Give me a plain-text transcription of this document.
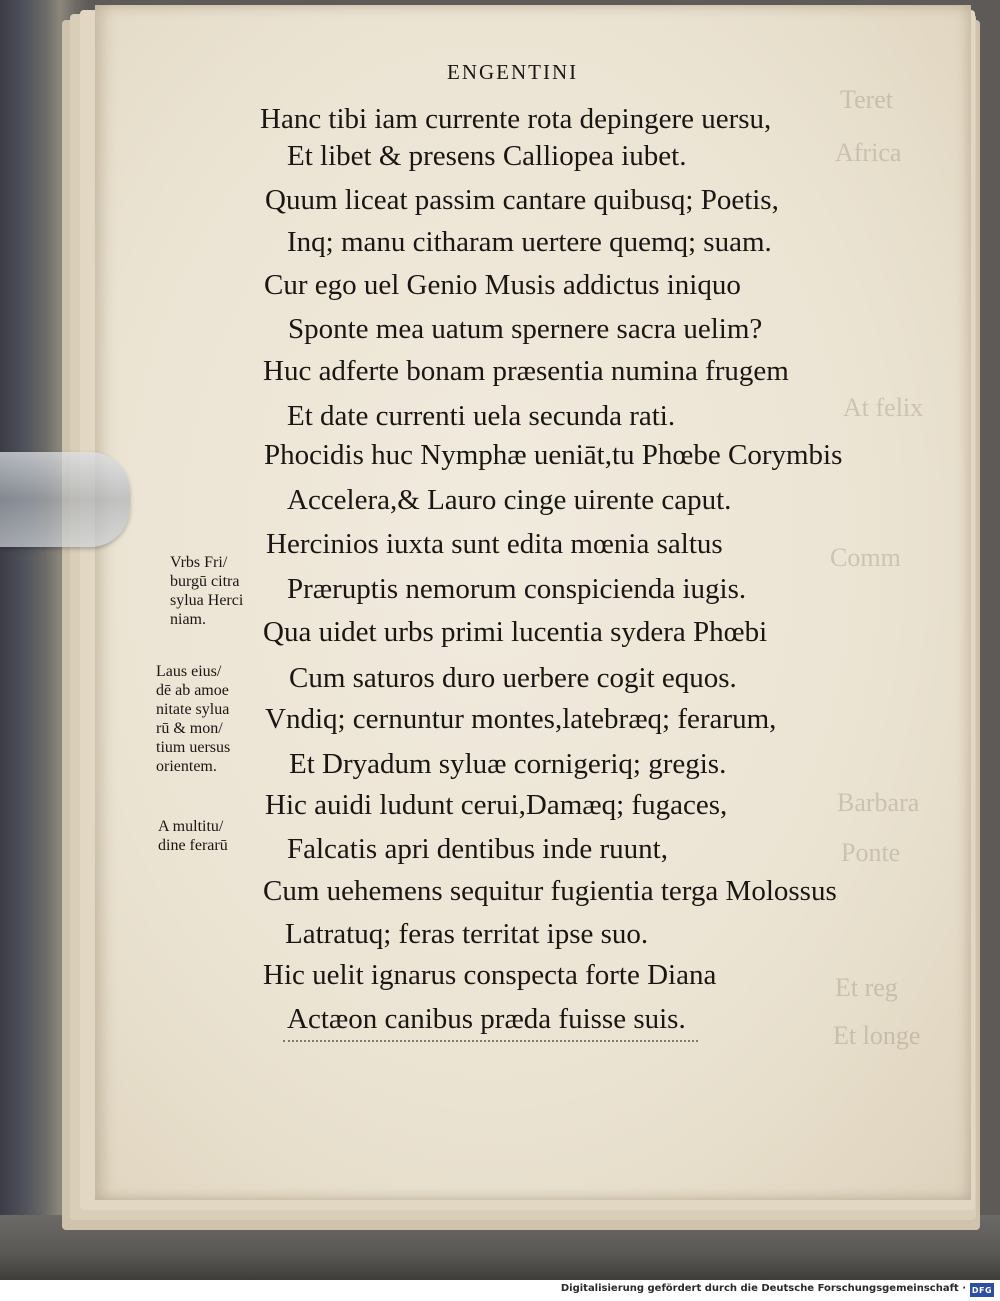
Teret
Africa
At felix
Comm
Barbara
Ponte
Et reg
Et longe
ENGENTINI

Hanc tibi iam currente rota depingere uersu,

Et libet & presens Calliopea iubet.

Quum liceat passim cantare quibusq; Poetis,

Inq; manu citharam uertere quemq; suam.

Cur ego uel Genio Musis addictus iniquo

Sponte mea uatum spernere sacra uelim?

Huc adferte bonam præsentia numina frugem

Et date currenti uela secunda rati.

Phocidis huc Nymphæ ueniāt,tu Phœbe Corymbis

Accelera,& Lauro cinge uirente caput.

Hercinios iuxta sunt edita mœnia saltus

Præruptis nemorum conspicienda iugis.

Qua uidet urbs primi lucentia sydera Phœbi

Cum saturos duro uerbere cogit equos.

Vndiq; cernuntur montes,latebræq; ferarum,

Et Dryadum syluæ cornigeriq; gregis.

Hic auidi ludunt cerui,Damæq; fugaces,

Falcatis apri dentibus inde ruunt,

Cum uehemens sequitur fugientia terga Molossus

Latratuq; feras territat ipse suo.

Hic uelit ignarus conspecta forte Diana

Actæon canibus præda fuisse suis.

Vrbs Fri/
burgū citra
sylua Herci
niam.
Laus eius/
dē ab amoe
nitate sylua
rū & mon/
tium uersus
orientem.
A multitu/
dine ferarū
Digitalisierung gefördert durch die Deutsche Forschungsgemeinschaft · DFG
